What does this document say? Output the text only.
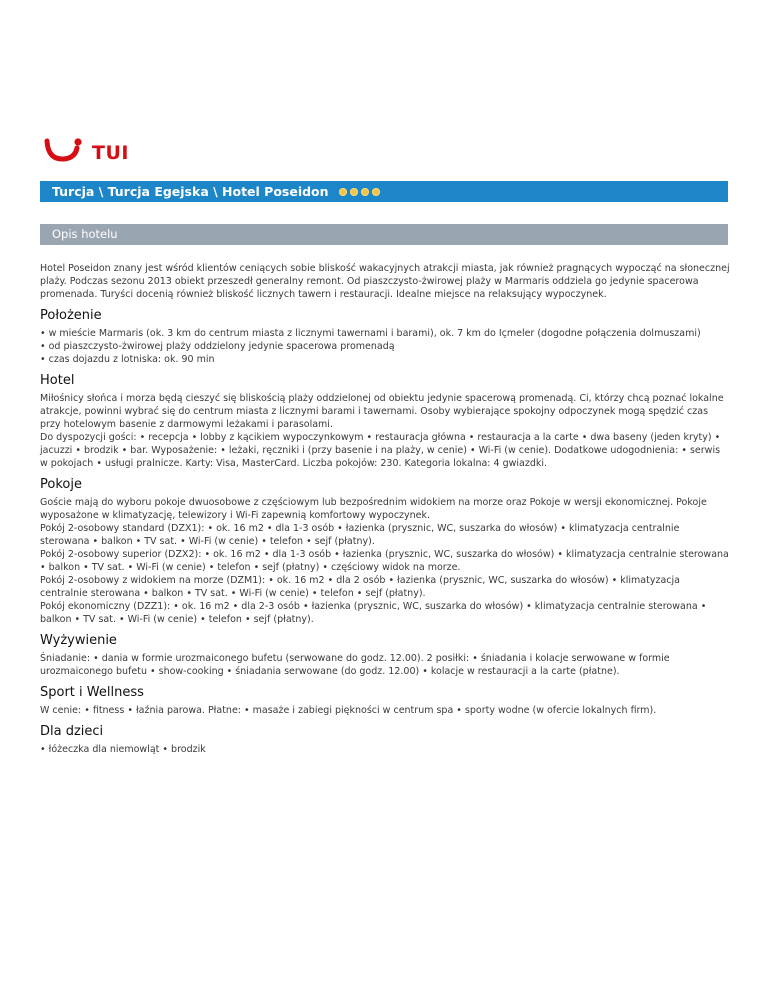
TUI
Turcja \ Turcja Egejska \ Hotel Poseidon
Opis hotelu

Hotel Poseidon znany jest wśród klientów ceniących sobie bliskość wakacyjnych atrakcji miasta, jak również pragnących wypocząć na słonecznej plaży. Podczas sezonu 2013 obiekt przeszedł generalny remont. Od piaszczysto-żwirowej plaży w Marmaris oddziela go jedynie spacerowa promenada. Turyści docenią również bliskość licznych tawern i restauracji. Idealne miejsce na relaksujący wypoczynek.

Położenie

• w mieście Marmaris (ok. 3 km do centrum miasta z licznymi tawernami i barami), ok. 7 km do Içmeler (dogodne połączenia dolmuszami)

• od piaszczysto-żwirowej plaży oddzielony jedynie spacerowa promenadą

• czas dojazdu z lotniska: ok. 90 min

Hotel

Miłośnicy słońca i morza będą cieszyć się bliskością plaży oddzielonej od obiektu jedynie spacerową promenadą. Ci, którzy chcą poznać lokalne atrakcje, powinni wybrać się do centrum miasta z licznymi barami i tawernami. Osoby wybierające spokojny odpoczynek mogą spędzić czas przy hotelowym basenie z darmowymi leżakami i parasolami.

Do dyspozycji gości: • recepcja • lobby z kącikiem wypoczynkowym • restauracja główna • restauracja a la carte • dwa baseny (jeden kryty) • jacuzzi • brodzik • bar. Wyposażenie: • leżaki, ręczniki i (przy basenie i na plaży, w cenie) • Wi-Fi (w cenie). Dodatkowe udogodnienia: • serwis w pokojach • usługi pralnicze. Karty: Visa, MasterCard. Liczba pokojów: 230. Kategoria lokalna: 4 gwiazdki.

Pokoje

Goście mają do wyboru pokoje dwuosobowe z częściowym lub bezpośrednim widokiem na morze oraz Pokoje w wersji ekonomicznej. Pokoje wyposażone w klimatyzację, telewizory i Wi-Fi zapewnią komfortowy wypoczynek.

Pokój 2-osobowy standard (DZX1): • ok. 16 m2 • dla 1-3 osób • łazienka (prysznic, WC, suszarka do włosów) • klimatyzacja centralnie sterowana • balkon • TV sat. • Wi-Fi (w cenie) • telefon • sejf (płatny).

Pokój 2-osobowy superior (DZX2): • ok. 16 m2 • dla 1-3 osób • łazienka (prysznic, WC, suszarka do włosów) • klimatyzacja centralnie sterowana • balkon • TV sat. • Wi-Fi (w cenie) • telefon • sejf (płatny) • częściowy widok na morze.

Pokój 2-osobowy z widokiem na morze (DZM1): • ok. 16 m2 • dla 2 osób • łazienka (prysznic, WC, suszarka do włosów) • klimatyzacja centralnie sterowana • balkon • TV sat. • Wi-Fi (w cenie) • telefon • sejf (płatny).

Pokój ekonomiczny (DZZ1): • ok. 16 m2 • dla 2-3 osób • łazienka (prysznic, WC, suszarka do włosów) • klimatyzacja centralnie sterowana • balkon • TV sat. • Wi-Fi (w cenie) • telefon • sejf (płatny).

Wyżywienie

Śniadanie: • dania w formie urozmaiconego bufetu (serwowane do godz. 12.00). 2 posiłki: • śniadania i kolacje serwowane w formie urozmaiconego bufetu • show-cooking • śniadania serwowane (do godz. 12.00) • kolacje w restauracji a la carte (płatne).

Sport i Wellness

W cenie: • fitness • łaźnia parowa. Płatne: • masaże i zabiegi piękności w centrum spa • sporty wodne (w ofercie lokalnych firm).

Dla dzieci

• łóżeczka dla niemowląt • brodzik
